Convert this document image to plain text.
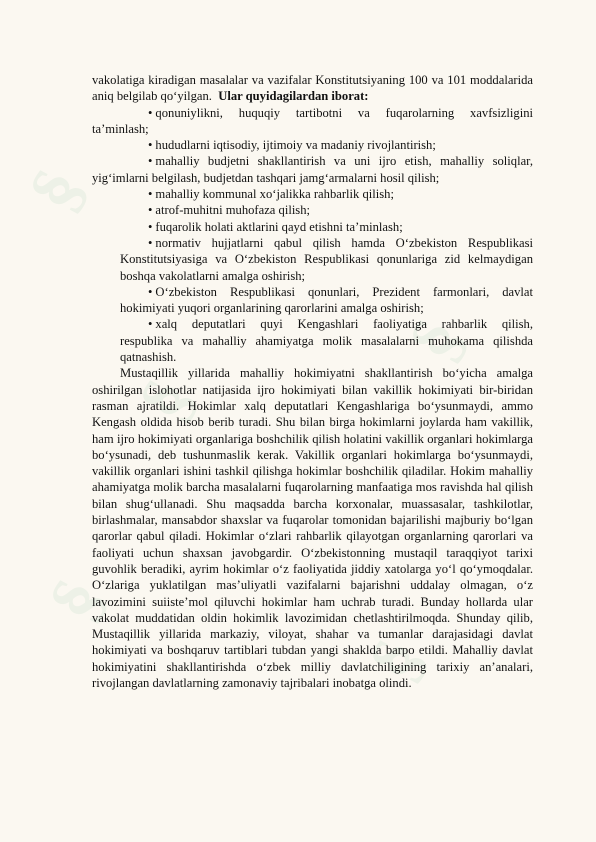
§
§
§
§
§

vakolatiga kiradigan masalalar va vazifalar Konstitutsiyaning 100 va 101 moddalarida aniq belgilab qo‘yilgan. Ular quyidagilardan iborat:

• qonuniylikni, huquqiy tartibotni va fuqarolarning xavfsizligini
ta’minlash;
• hududlarni iqtisodiy, ijtimoiy va madaniy rivojlantirish;
• mahalliy budjetni shakllantirish va uni ijro etish, mahalliy soliqlar,
yig‘imlarni belgilash, budjetdan tashqari jamg‘armalarni hosil qilish;
• mahalliy kommunal xo‘jalikka rahbarlik qilish;
• atrof-muhitni muhofaza qilish;
• fuqarolik holati aktlarini qayd etishni ta’minlash;
• normativ hujjatlarni qabul qilish hamda O‘zbekiston Respublikasi
Konstitutsiyasiga va O‘zbekiston Respublikasi qonunlariga zid kelmaydigan boshqa vakolatlarni amalga oshirish;
• O‘zbekiston Respublikasi qonunlari, Prezident farmonlari, davlat
hokimiyati yuqori organlarining qarorlarini amalga oshirish;
• xalq deputatlari quyi Kengashlari faoliyatiga rahbarlik qilish,
respublika va mahalliy ahamiyatga molik masalalarni muhokama qilishda qatnashish.

Mustaqillik yillarida mahalliy hokimiyatni shakllantirish bo‘yicha amalga oshirilgan islohotlar natijasida ijro hokimiyati bilan vakillik hokimiyati bir-biridan rasman ajratildi. Hokimlar xalq deputatlari Kengashlariga bo‘ysunmaydi, ammo Kengash oldida hisob berib turadi. Shu bilan birga hokimlarni joylarda ham vakillik, ham ijro hokimiyati organlariga boshchilik qilish holatini vakillik organlari hokimlarga bo‘ysunadi, deb tushunmaslik kerak. Vakillik organlari hokimlarga bo‘ysunmaydi, vakillik organlari ishini tashkil qilishga hokimlar boshchilik qiladilar. Hokim mahalliy ahamiyatga molik barcha masalalarni fuqarolarning manfaatiga mos ravishda hal qilish bilan shug‘ullanadi. Shu maqsadda barcha korxonalar, muassasalar, tashkilotlar, birlashmalar, mansabdor shaxslar va fuqarolar tomonidan bajarilishi majburiy bo‘lgan qarorlar qabul qiladi. Hokimlar o‘zlari rahbarlik qilayotgan organlarning qarorlari va faoliyati uchun shaxsan javobgardir. O‘zbekistonning mustaqil taraqqiyot tarixi guvohlik beradiki, ayrim hokimlar o‘z faoliyatida jiddiy xatolarga yo‘l qo‘ymoqdalar. O‘zlariga yuklatilgan mas’uliyatli vazifalarni bajarishni uddalay olmagan, o‘z lavozimini suiiste’mol qiluvchi hokimlar ham uchrab turadi. Bunday hollarda ular vakolat muddatidan oldin hokimlik lavozimidan chetlashtirilmoqda. Shunday qilib, Mustaqillik yillarida markaziy, viloyat, shahar va tumanlar darajasidagi davlat hokimiyati va boshqaruv tartiblari tubdan yangi shaklda barpo etildi. Mahalliy davlat hokimiyatini shakllantirishda o‘zbek milliy davlatchiligining tarixiy an’analari, rivojlangan davlatlarning zamonaviy tajribalari inobatga olindi.
